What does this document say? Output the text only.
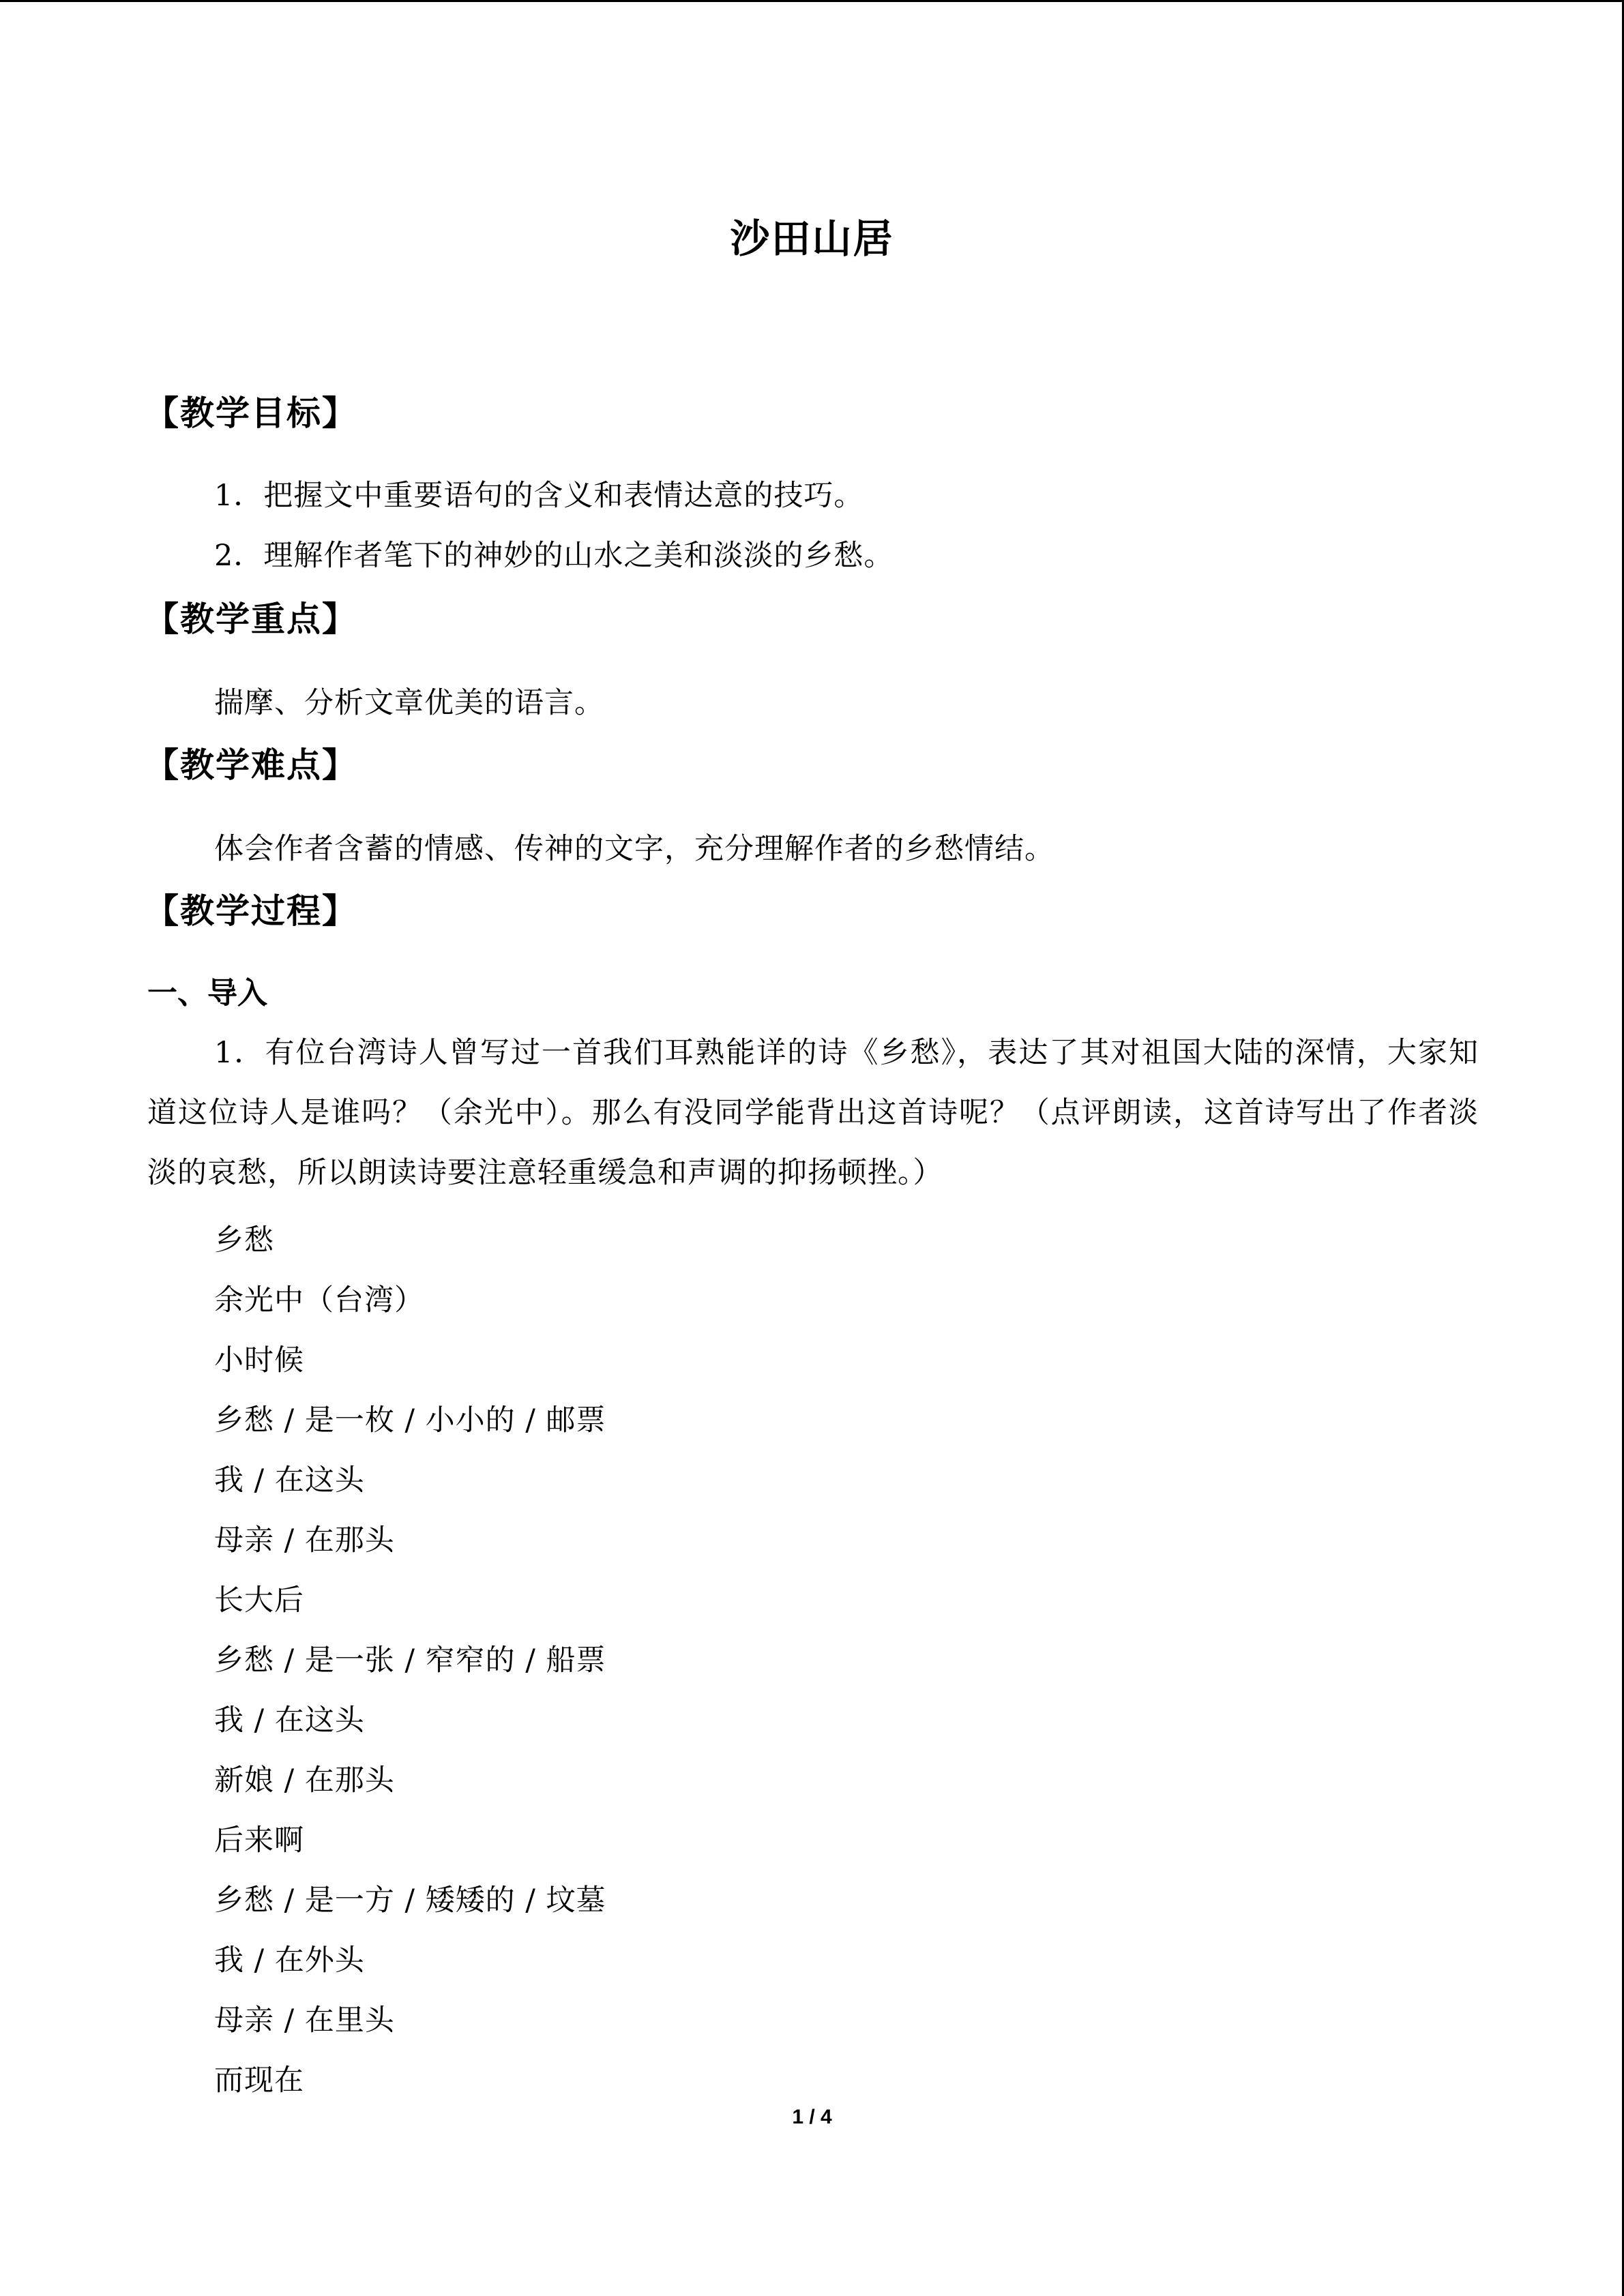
沙田山居
【教学目标】
1．把握文中重要语句的含义和表情达意的技巧。
2．理解作者笔下的神妙的山水之美和淡淡的乡愁。
【教学重点】
揣摩、分析文章优美的语言。
【教学难点】
体会作者含蓄的情感、传神的文字，充分理解作者的乡愁情结。
【教学过程】
一、导入
1．有位台湾诗人曾写过一首我们耳熟能详的诗《乡愁》，表达了其对祖国大陆的深情，大家知道这位诗人是谁吗？（余光中）。那么有没同学能背出这首诗呢？（点评朗读，这首诗写出了作者淡淡的哀愁，所以朗读诗要注意轻重缓急和声调的抑扬顿挫。）
乡愁
余光中（台湾）
小时候
乡愁 / 是一枚 / 小小的 / 邮票
我 / 在这头
母亲 / 在那头
长大后
乡愁 / 是一张 / 窄窄的 / 船票
我 / 在这头
新娘 / 在那头
后来啊
乡愁 / 是一方 / 矮矮的 / 坟墓
我 / 在外头
母亲 / 在里头
而现在
1 / 4
